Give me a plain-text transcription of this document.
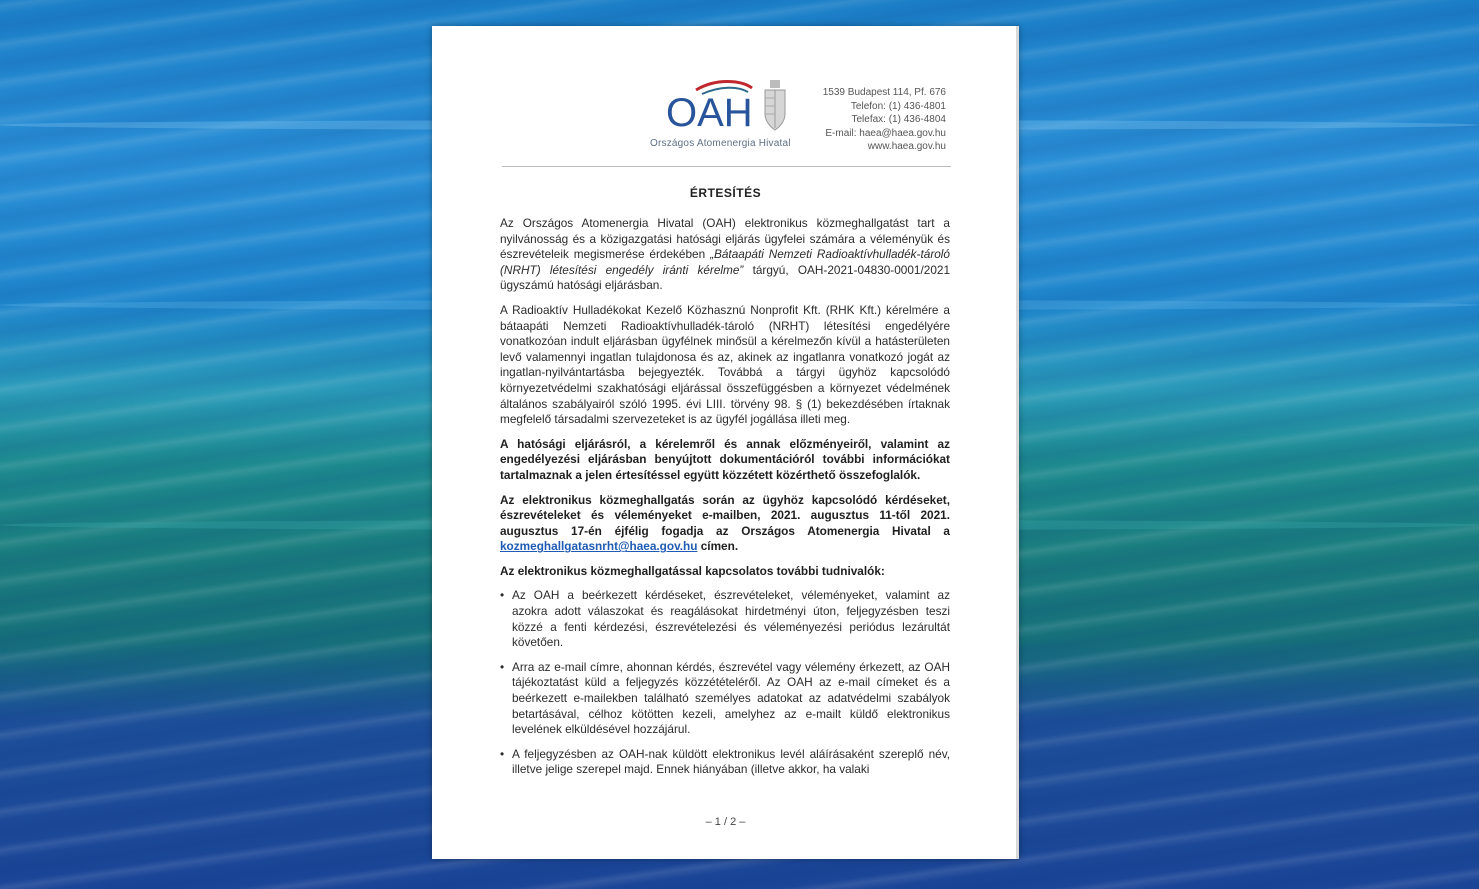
OAH
Országos Atomenergia Hivatal
1539 Budapest 114, Pf. 676
Telefon: (1) 436-4801
Telefax: (1) 436-4804
E-mail: haea@haea.gov.hu
www.haea.gov.hu
ÉRTESÍTÉS

Az Országos Atomenergia Hivatal (OAH) elektronikus közmeghallgatást tart a nyilvánosság és a közigazgatási hatósági eljárás ügyfelei számára a véleményük és észrevételeik megismerése érdekében „Bátaapáti Nemzeti Radioaktívhulladék-tároló (NRHT) létesítési engedély iránti kérelme” tárgyú, OAH-2021-04830-0001/2021 ügyszámú hatósági eljárásban.

A Radioaktív Hulladékokat Kezelő Közhasznú Nonprofit Kft. (RHK Kft.) kérelmére a bátaapáti Nemzeti Radioaktívhulladék-tároló (NRHT) létesítési engedélyére vonatkozóan indult eljárásban ügyfélnek minősül a kérelmezőn kívül a hatásterületen levő valamennyi ingatlan tulajdonosa és az, akinek az ingatlanra vonatkozó jogát az ingatlan-nyilvántartásba bejegyezték. Továbbá a tárgyi ügyhöz kapcsolódó környezetvédelmi szakhatósági eljárással összefüggésben a környezet védelmének általános szabályairól szóló 1995. évi LIII. törvény 98. § (1) bekezdésében írtaknak megfelelő társadalmi szervezeteket is az ügyfél jogállása illeti meg.

A hatósági eljárásról, a kérelemről és annak előzményeiről, valamint az engedélyezési eljárásban benyújtott dokumentációról további információkat tartalmaznak a jelen értesítéssel együtt közzétett közérthető összefoglalók.

Az elektronikus közmeghallgatás során az ügyhöz kapcsolódó kérdéseket, észrevételeket és véleményeket e-mailben, 2021. augusztus 11-től 2021. augusztus 17-én éjfélig fogadja az Országos Atomenergia Hivatal a kozmeghallgatasnrht@haea.gov.hu címen.

Az elektronikus közmeghallgatással kapcsolatos további tudnivalók:

• Az OAH a beérkezett kérdéseket, észrevételeket, véleményeket, valamint az azokra adott válaszokat és reagálásokat hirdetményi úton, feljegyzésben teszi közzé a fenti kérdezési, észrevételezési és véleményezési periódus lezárultát követően.
• Arra az e-mail címre, ahonnan kérdés, észrevétel vagy vélemény érkezett, az OAH tájékoztatást küld a feljegyzés közzétételéről. Az OAH az e-mail címeket és a beérkezett e-mailekben található személyes adatokat az adatvédelmi szabályok betartásával, célhoz kötötten kezeli, amelyhez az e-mailt küldő elektronikus levelének elküldésével hozzájárul.
• A feljegyzésben az OAH-nak küldött elektronikus levél aláírásaként szereplő név, illetve jelige szerepel majd. Ennek hiányában (illetve akkor, ha valaki
– 1 / 2 –
